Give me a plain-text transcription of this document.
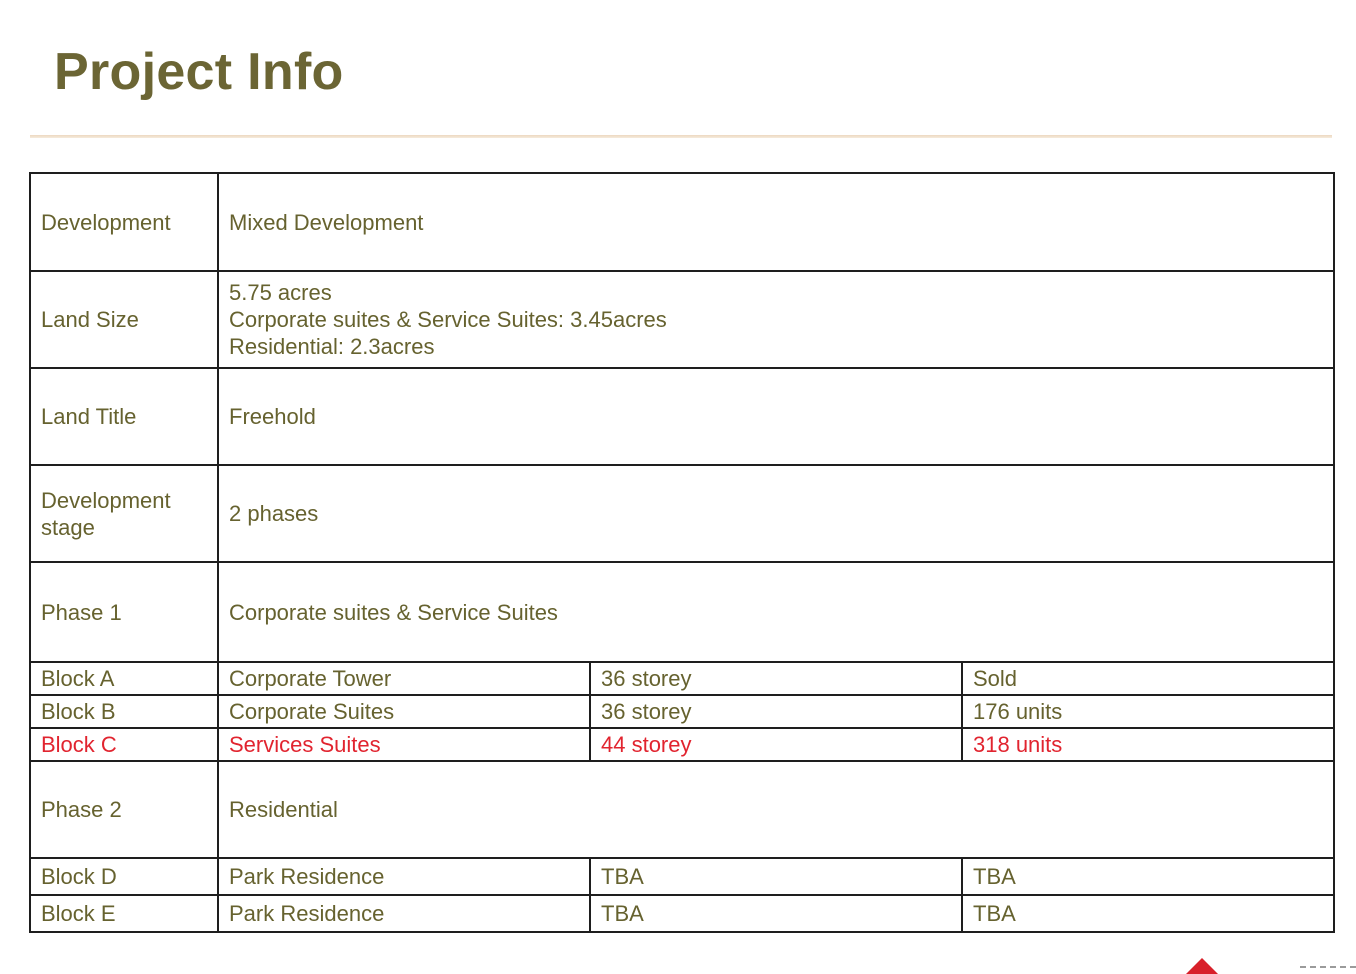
Project Info
Development	Mixed Development		
Land Size	5.75 acres
Corporate suites & Service Suites: 3.45acres
Residential: 2.3acres		

Land Title	Freehold		
Development stage	2 phases		
Phase 1	Corporate suites & Service Suites		
Block A	Corporate Tower	36 storey	Sold
Block B	Corporate Suites	36 storey	176 units
Block C	Services Suites	44 storey	318 units
Phase 2	Residential		
Block D	Park Residence	TBA	TBA
Block E	Park Residence	TBA	TBA
